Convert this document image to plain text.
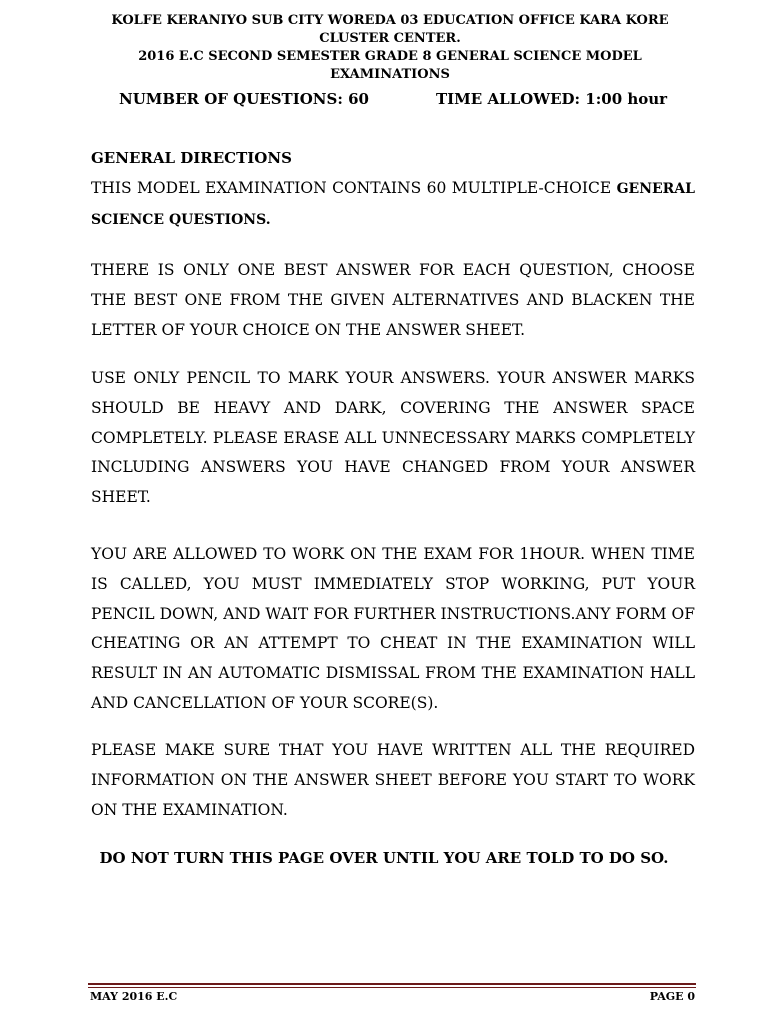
KOLFE KERANIYO SUB CITY WOREDA 03 EDUCATION OFFICE KARA KORE CLUSTER CENTER.
2016 E.C SECOND SEMESTER GRADE 8 GENERAL SCIENCE MODEL EXAMINATIONS
NUMBER OF QUESTIONS: 60	TIME ALLOWED: 1:00 hour
GENERAL DIRECTIONS
THIS MODEL EXAMINATION CONTAINS 60 MULTIPLE-CHOICE GENERAL SCIENCE QUESTIONS.
THERE IS ONLY ONE BEST ANSWER FOR EACH QUESTION, CHOOSE THE BEST ONE FROM THE GIVEN ALTERNATIVES AND BLACKEN THE LETTER OF YOUR CHOICE ON THE ANSWER SHEET.
USE ONLY PENCIL TO MARK YOUR ANSWERS. YOUR ANSWER MARKS SHOULD BE HEAVY AND DARK, COVERING THE ANSWER SPACE COMPLETELY. PLEASE ERASE ALL UNNECESSARY MARKS COMPLETELY INCLUDING ANSWERS YOU HAVE CHANGED FROM YOUR ANSWER SHEET.
YOU ARE ALLOWED TO WORK ON THE EXAM FOR 1HOUR. WHEN TIME IS CALLED, YOU MUST IMMEDIATELY STOP WORKING, PUT YOUR PENCIL DOWN, AND WAIT FOR FURTHER INSTRUCTIONS.ANY FORM OF CHEATING OR AN ATTEMPT TO CHEAT IN THE EXAMINATION WILL RESULT IN AN AUTOMATIC DISMISSAL FROM THE EXAMINATION HALL AND CANCELLATION OF YOUR SCORE(S).
PLEASE MAKE SURE THAT YOU HAVE WRITTEN ALL THE REQUIRED INFORMATION ON THE ANSWER SHEET BEFORE YOU START TO WORK ON THE EXAMINATION.
DO NOT TURN THIS PAGE OVER UNTIL YOU ARE TOLD TO DO SO.
MAY 2016 E.C	PAGE 0
